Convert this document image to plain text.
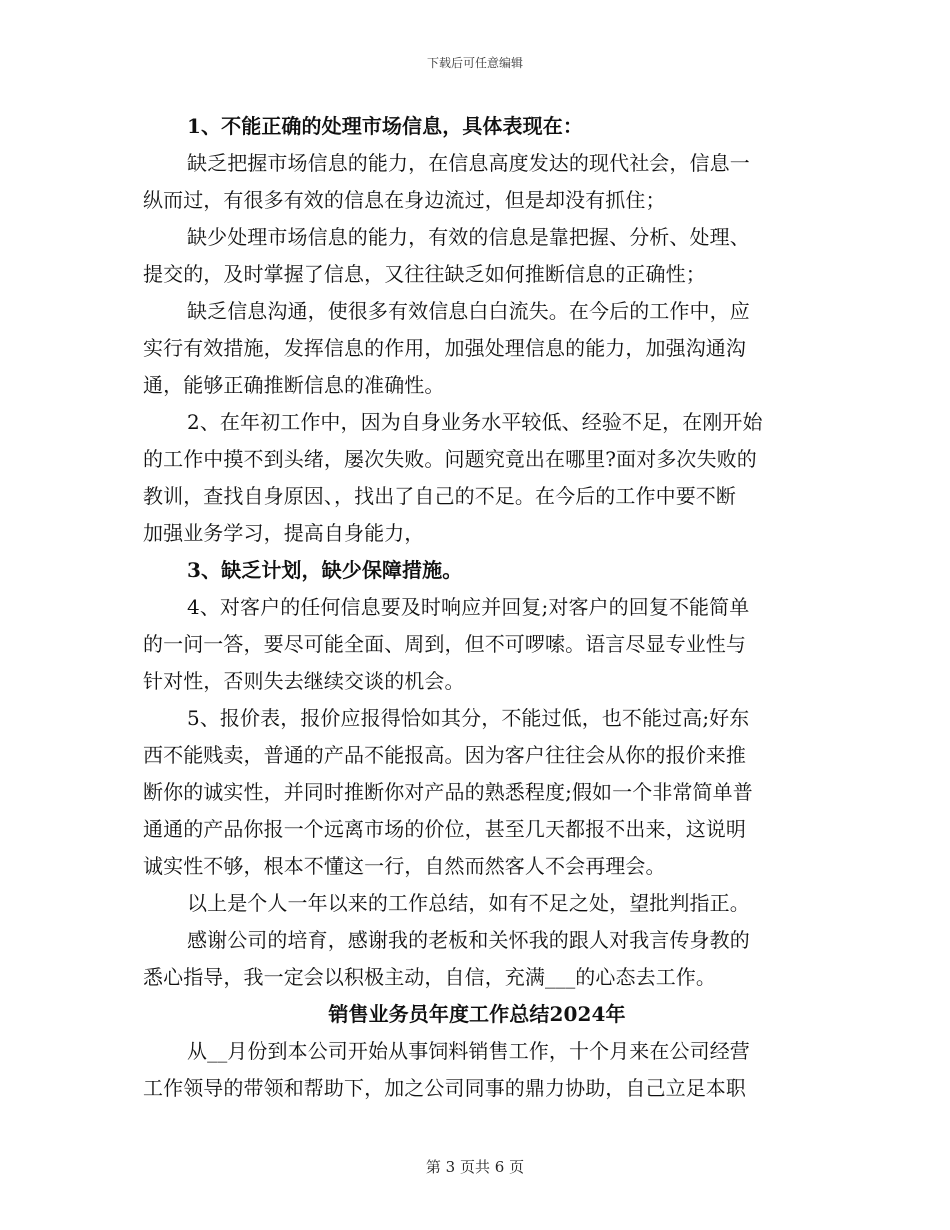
下载后可任意编辑
1、不能正确的处理市场信息，具体表现在：
缺乏把握市场信息的能力，在信息高度发达的现代社会，信息一
纵而过，有很多有效的信息在身边流过，但是却没有抓住；
缺少处理市场信息的能力，有效的信息是靠把握、分析、处理、
提交的，及时掌握了信息，又往往缺乏如何推断信息的正确性；
缺乏信息沟通，使很多有效信息白白流失。在今后的工作中，应
实行有效措施，发挥信息的作用，加强处理信息的能力，加强沟通沟
通，能够正确推断信息的准确性。
2、在年初工作中，因为自身业务水平较低、经验不足，在刚开始
的工作中摸不到头绪，屡次失败。问题究竟出在哪里?面对多次失败的
教训，查找自身原因、，找出了自己的不足。在今后的工作中要不断
加强业务学习，提高自身能力，
3、缺乏计划，缺少保障措施。
4、对客户的任何信息要及时响应并回复;对客户的回复不能简单
的一问一答，要尽可能全面、周到，但不可啰嗦。语言尽显专业性与
针对性，否则失去继续交谈的机会。
5、报价表，报价应报得恰如其分，不能过低，也不能过高;好东
西不能贱卖，普通的产品不能报高。因为客户往往会从你的报价来推
断你的诚实性，并同时推断你对产品的熟悉程度;假如一个非常简单普
通通的产品你报一个远离市场的价位，甚至几天都报不出来，这说明
诚实性不够，根本不懂这一行，自然而然客人不会再理会。
以上是个人一年以来的工作总结，如有不足之处，望批判指正。
感谢公司的培育，感谢我的老板和关怀我的跟人对我言传身教的
悉心指导，我一定会以积极主动，自信，充满___的心态去工作。
销售业务员年度工作总结2024年
从__月份到本公司开始从事饲料销售工作，十个月来在公司经营
工作领导的带领和帮助下，加之公司同事的鼎力协助，自己立足本职
第 3 页共 6 页
